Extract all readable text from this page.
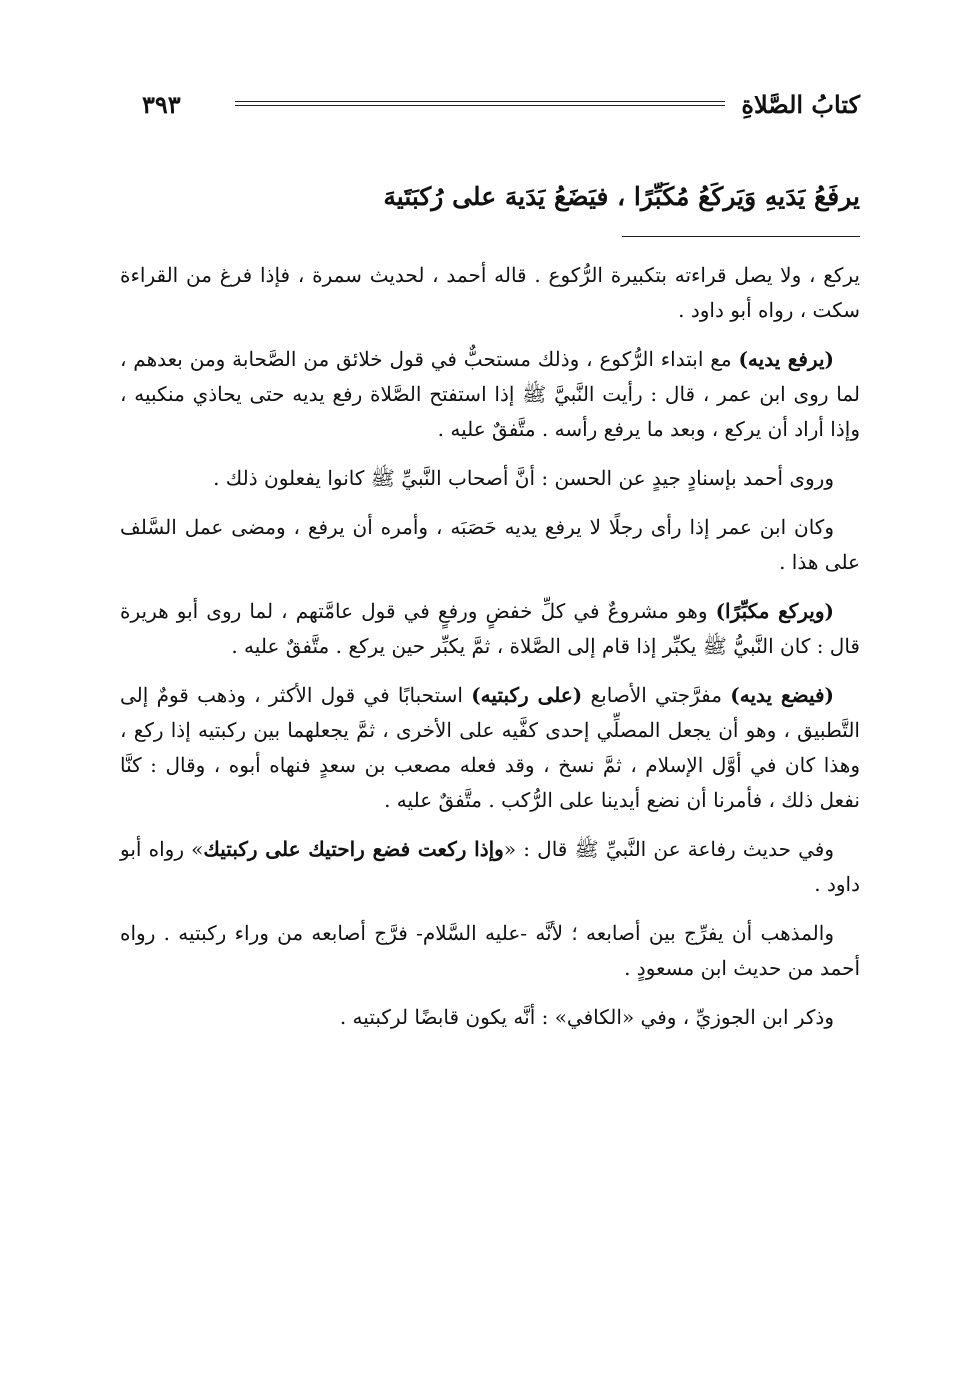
كتابُ الصَّلاةِ
٣٩٣
يرفَعُ يَدَيهِ وَيَركَعُ مُكَبِّرًا ، فيَضَعُ يَدَيهَ على رُكبَتَيهَ

يركع ، ولا يصل قراءته بتكبيرة الرُّكوع . قاله أحمد ، لحديث سمرة ، فإذا فرغ من القراءة سكت ، رواه أبو داود .

(يرفع يديه) مع ابتداء الرُّكوع ، وذلك مستحبٌّ في قول خلائق من الصَّحابة ومن بعدهم ، لما روى ابن عمر ، قال : رأيت النَّبيَّ ﷺ إذا استفتح الصَّلاة رفع يديه حتى يحاذي منكبيه ، وإذا أراد أن يركع ، وبعد ما يرفع رأسه . متَّفقٌ عليه .

وروى أحمد بإسنادٍ جيدٍ عن الحسن : أنَّ أصحاب النَّبيِّ ﷺ كانوا يفعلون ذلك .

وكان ابن عمر إذا رأى رجلًا لا يرفع يديه حَصَبَه ، وأمره أن يرفع ، ومضى عمل السَّلف على هذا .

(ويركع مكبِّرًا) وهو مشروعٌ في كلِّ خفضٍ ورفعٍ في قول عامَّتهم ، لما روى أبو هريرة قال : كان النَّبيُّ ﷺ يكبِّر إذا قام إلى الصَّلاة ، ثمَّ يكبِّر حين يركع . متَّفقٌ عليه .

(فيضع يديه) مفرَّجتي الأصابع (على ركبتيه) استحبابًا في قول الأكثر ، وذهب قومٌ إلى التَّطبيق ، وهو أن يجعل المصلِّي إحدى كفَّيه على الأخرى ، ثمَّ يجعلهما بين ركبتيه إذا ركع ، وهذا كان في أوَّل الإسلام ، ثمَّ نسخ ، وقد فعله مصعب بن سعدٍ فنهاه أبوه ، وقال : كنَّا نفعل ذلك ، فأمرنا أن نضع أيدينا على الرُّكب . متَّفقٌ عليه .

وفي حديث رفاعة عن النَّبيِّ ﷺ قال : «وإذا ركعت فضع راحتيك على ركبتيك» رواه أبو داود .

والمذهب أن يفرِّج بين أصابعه ؛ لأنَّه -عليه السَّلام- فرَّج أصابعه من وراء ركبتيه . رواه أحمد من حديث ابن مسعودٍ .

وذكر ابن الجوزيِّ ، وفي «الكافي» : أنَّه يكون قابضًا لركبتيه .
